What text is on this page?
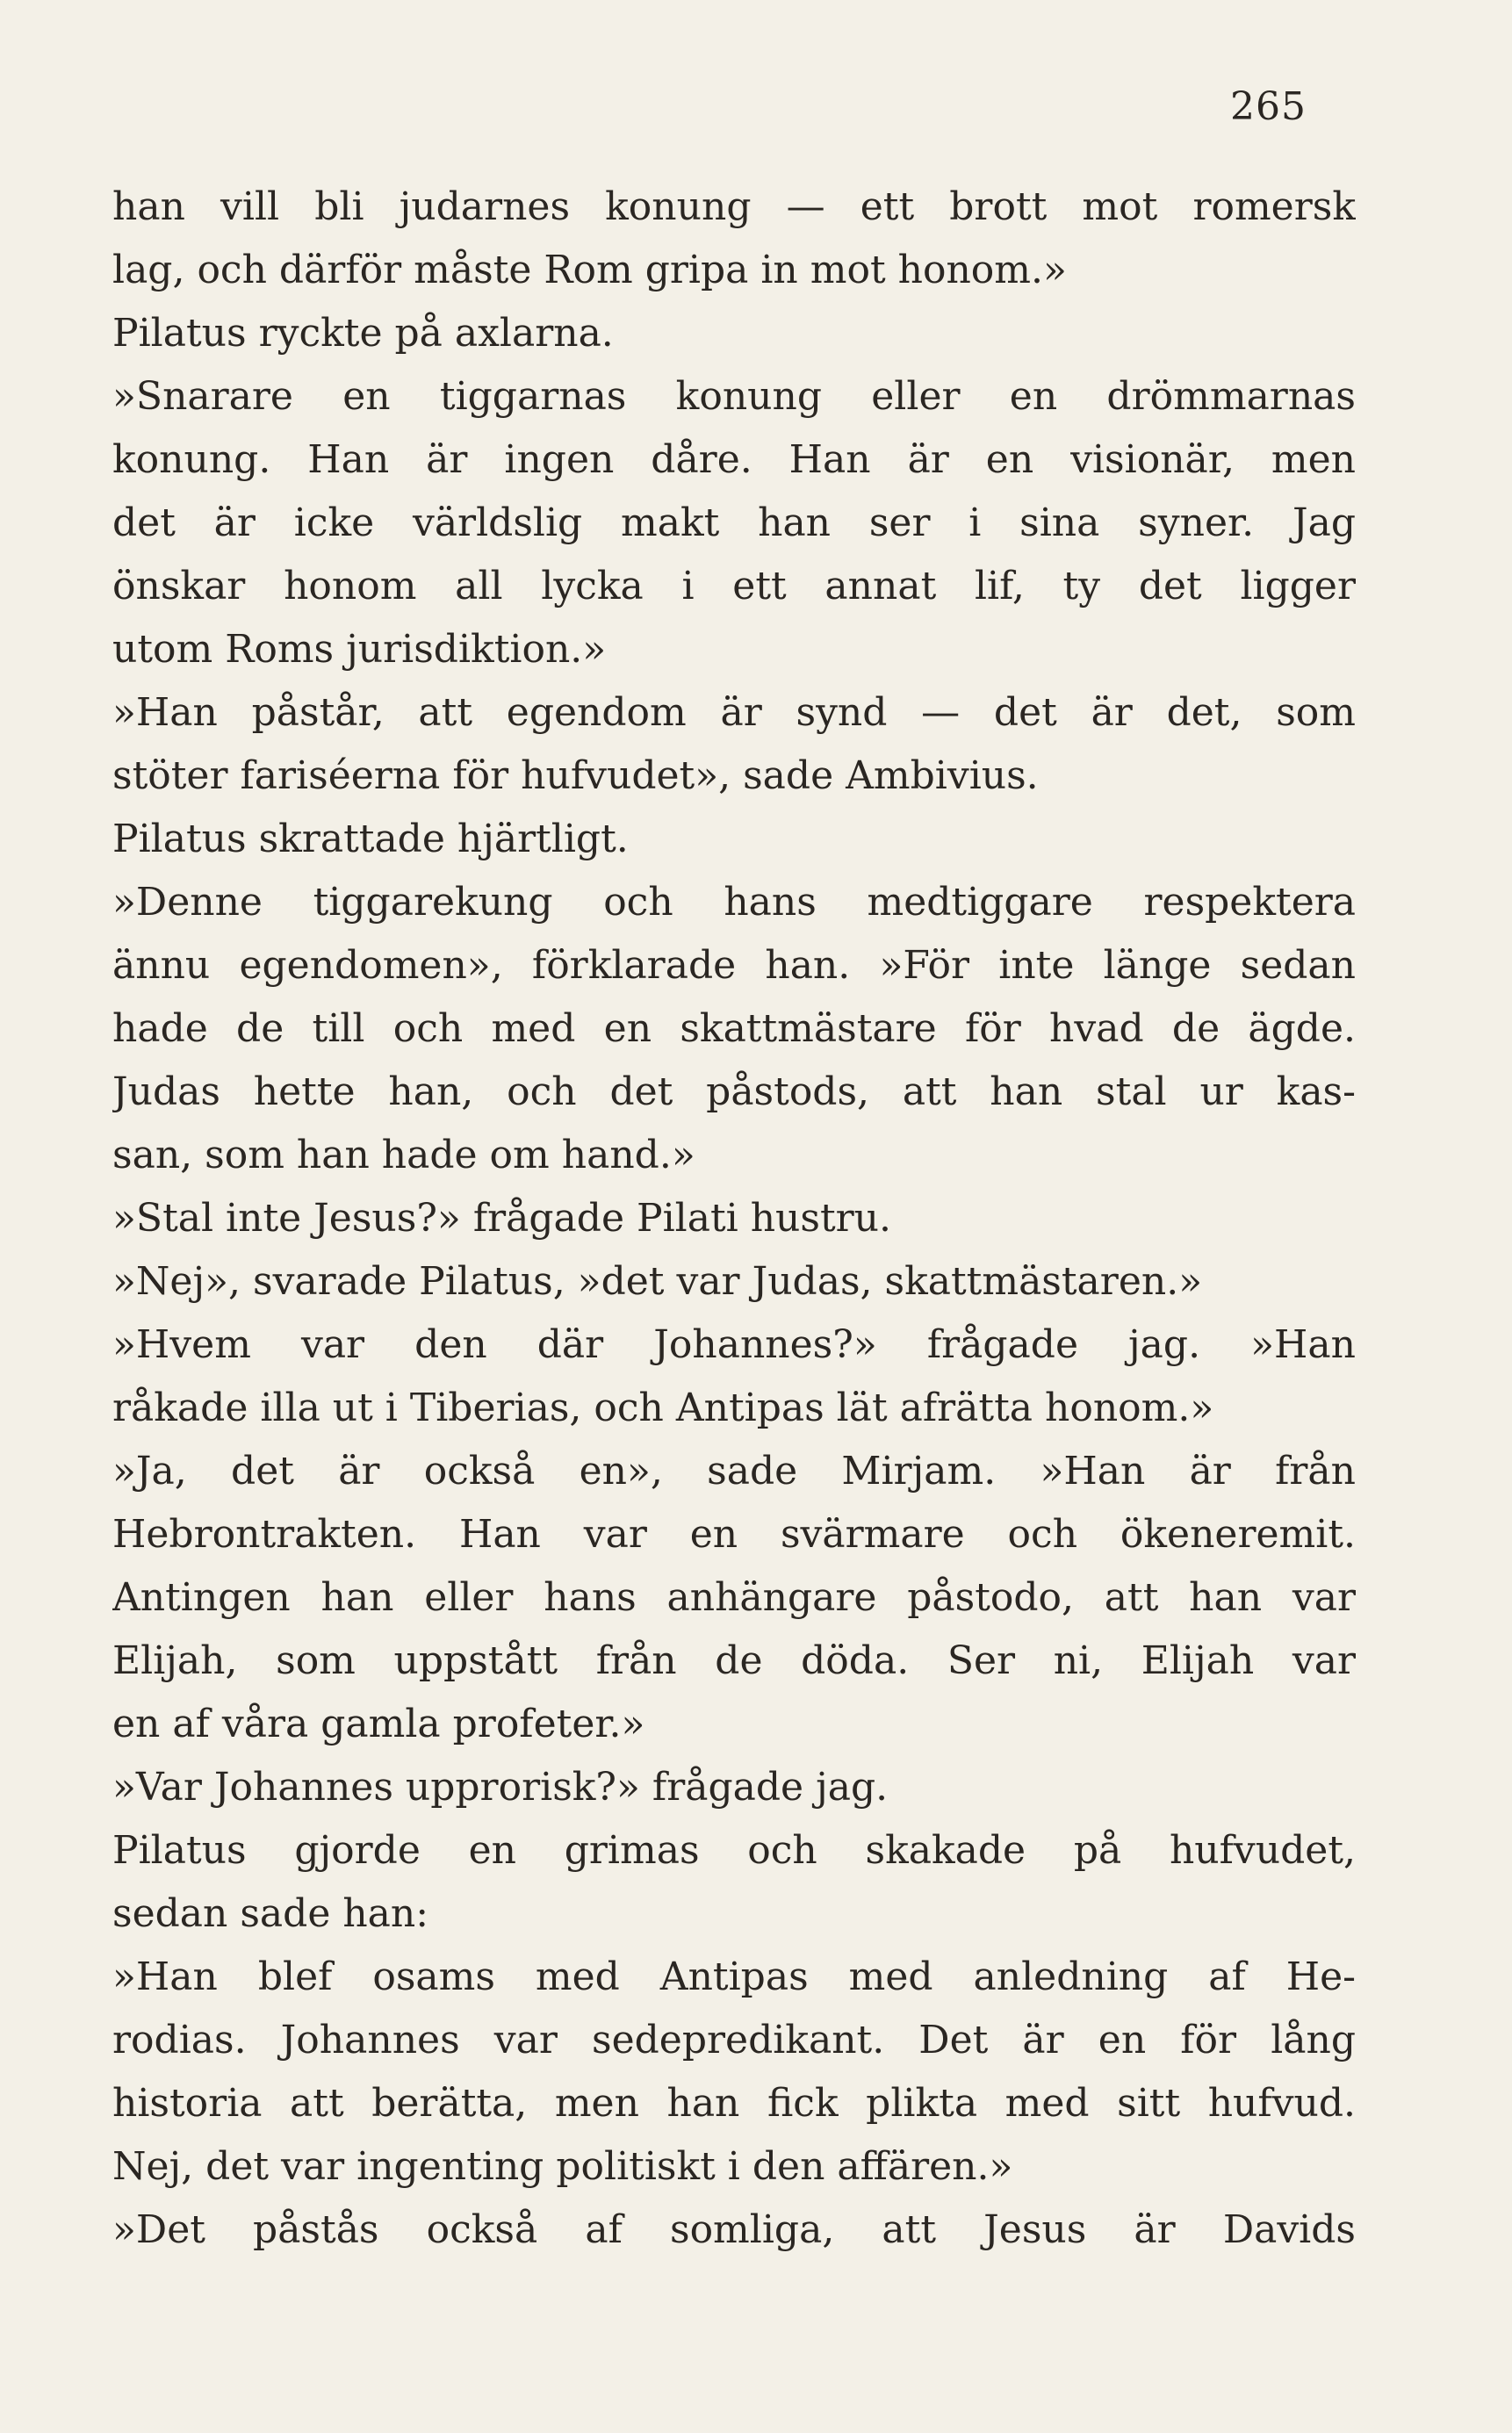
265
han vill bli judarnes konung — ett brott mot romersk
lag, och därför måste Rom gripa in mot honom.»
Pilatus ryckte på axlarna.
»Snarare en tiggarnas konung eller en drömmarnas
konung. Han är ingen dåre. Han är en visionär, men
det är icke världslig makt han ser i sina syner. Jag
önskar honom all lycka i ett annat lif, ty det ligger
utom Roms jurisdiktion.»
»Han påstår, att egendom är synd — det är det, som
stöter fariséerna för hufvudet», sade Ambivius.
Pilatus skrattade hjärtligt.
»Denne tiggarekung och hans medtiggare respektera
ännu egendomen», förklarade han. »För inte länge sedan
hade de till och med en skattmästare för hvad de ägde.
Judas hette han, och det påstods, att han stal ur kas-
san, som han hade om hand.»
»Stal inte Jesus?» frågade Pilati hustru.
»Nej», svarade Pilatus, »det var Judas, skattmästaren.»
»Hvem var den där Johannes?» frågade jag. »Han
råkade illa ut i Tiberias, och Antipas lät afrätta honom.»
»Ja, det är också en», sade Mirjam. »Han är från
Hebrontrakten. Han var en svärmare och ökeneremit.
Antingen han eller hans anhängare påstodo, att han var
Elijah, som uppstått från de döda. Ser ni, Elijah var
en af våra gamla profeter.»
»Var Johannes upprorisk?» frågade jag.
Pilatus gjorde en grimas och skakade på hufvudet,
sedan sade han:
»Han blef osams med Antipas med anledning af He-
rodias. Johannes var sedepredikant. Det är en för lång
historia att berätta, men han fick plikta med sitt hufvud.
Nej, det var ingenting politiskt i den affären.»
»Det påstås också af somliga, att Jesus är Davids
